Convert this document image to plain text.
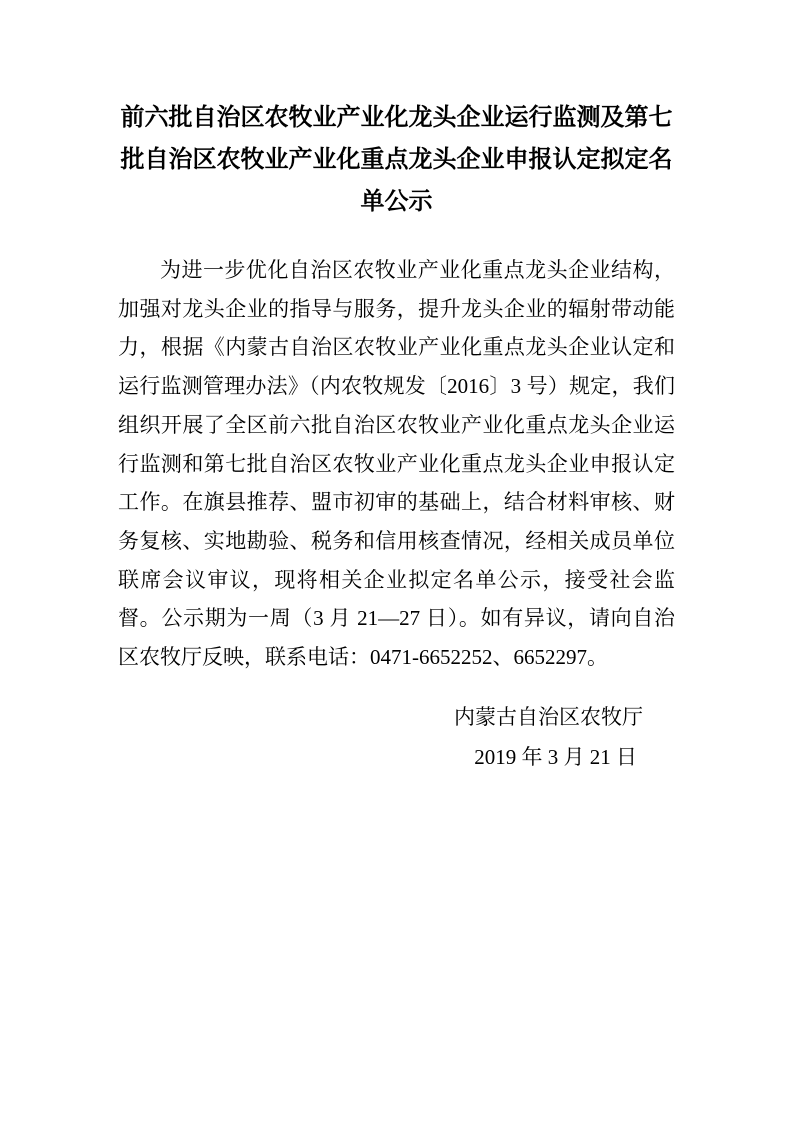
前六批自治区农牧业产业化龙头企业运行监测及第七批自治区农牧业产业化重点龙头企业申报认定拟定名单公示
为进一步优化自治区农牧业产业化重点龙头企业结构，加强对龙头企业的指导与服务，提升龙头企业的辐射带动能力，根据《内蒙古自治区农牧业产业化重点龙头企业认定和运行监测管理办法》（内农牧规发〔2016〕3 号）规定，我们组织开展了全区前六批自治区农牧业产业化重点龙头企业运行监测和第七批自治区农牧业产业化重点龙头企业申报认定工作。在旗县推荐、盟市初审的基础上，结合材料审核、财务复核、实地勘验、税务和信用核查情况，经相关成员单位联席会议审议，现将相关企业拟定名单公示，接受社会监督。公示期为一周（3 月 21—27 日）。如有异议，请向自治区农牧厅反映，联系电话：0471-6652252、6652297。
内蒙古自治区农牧厅
2019 年 3 月 21 日
